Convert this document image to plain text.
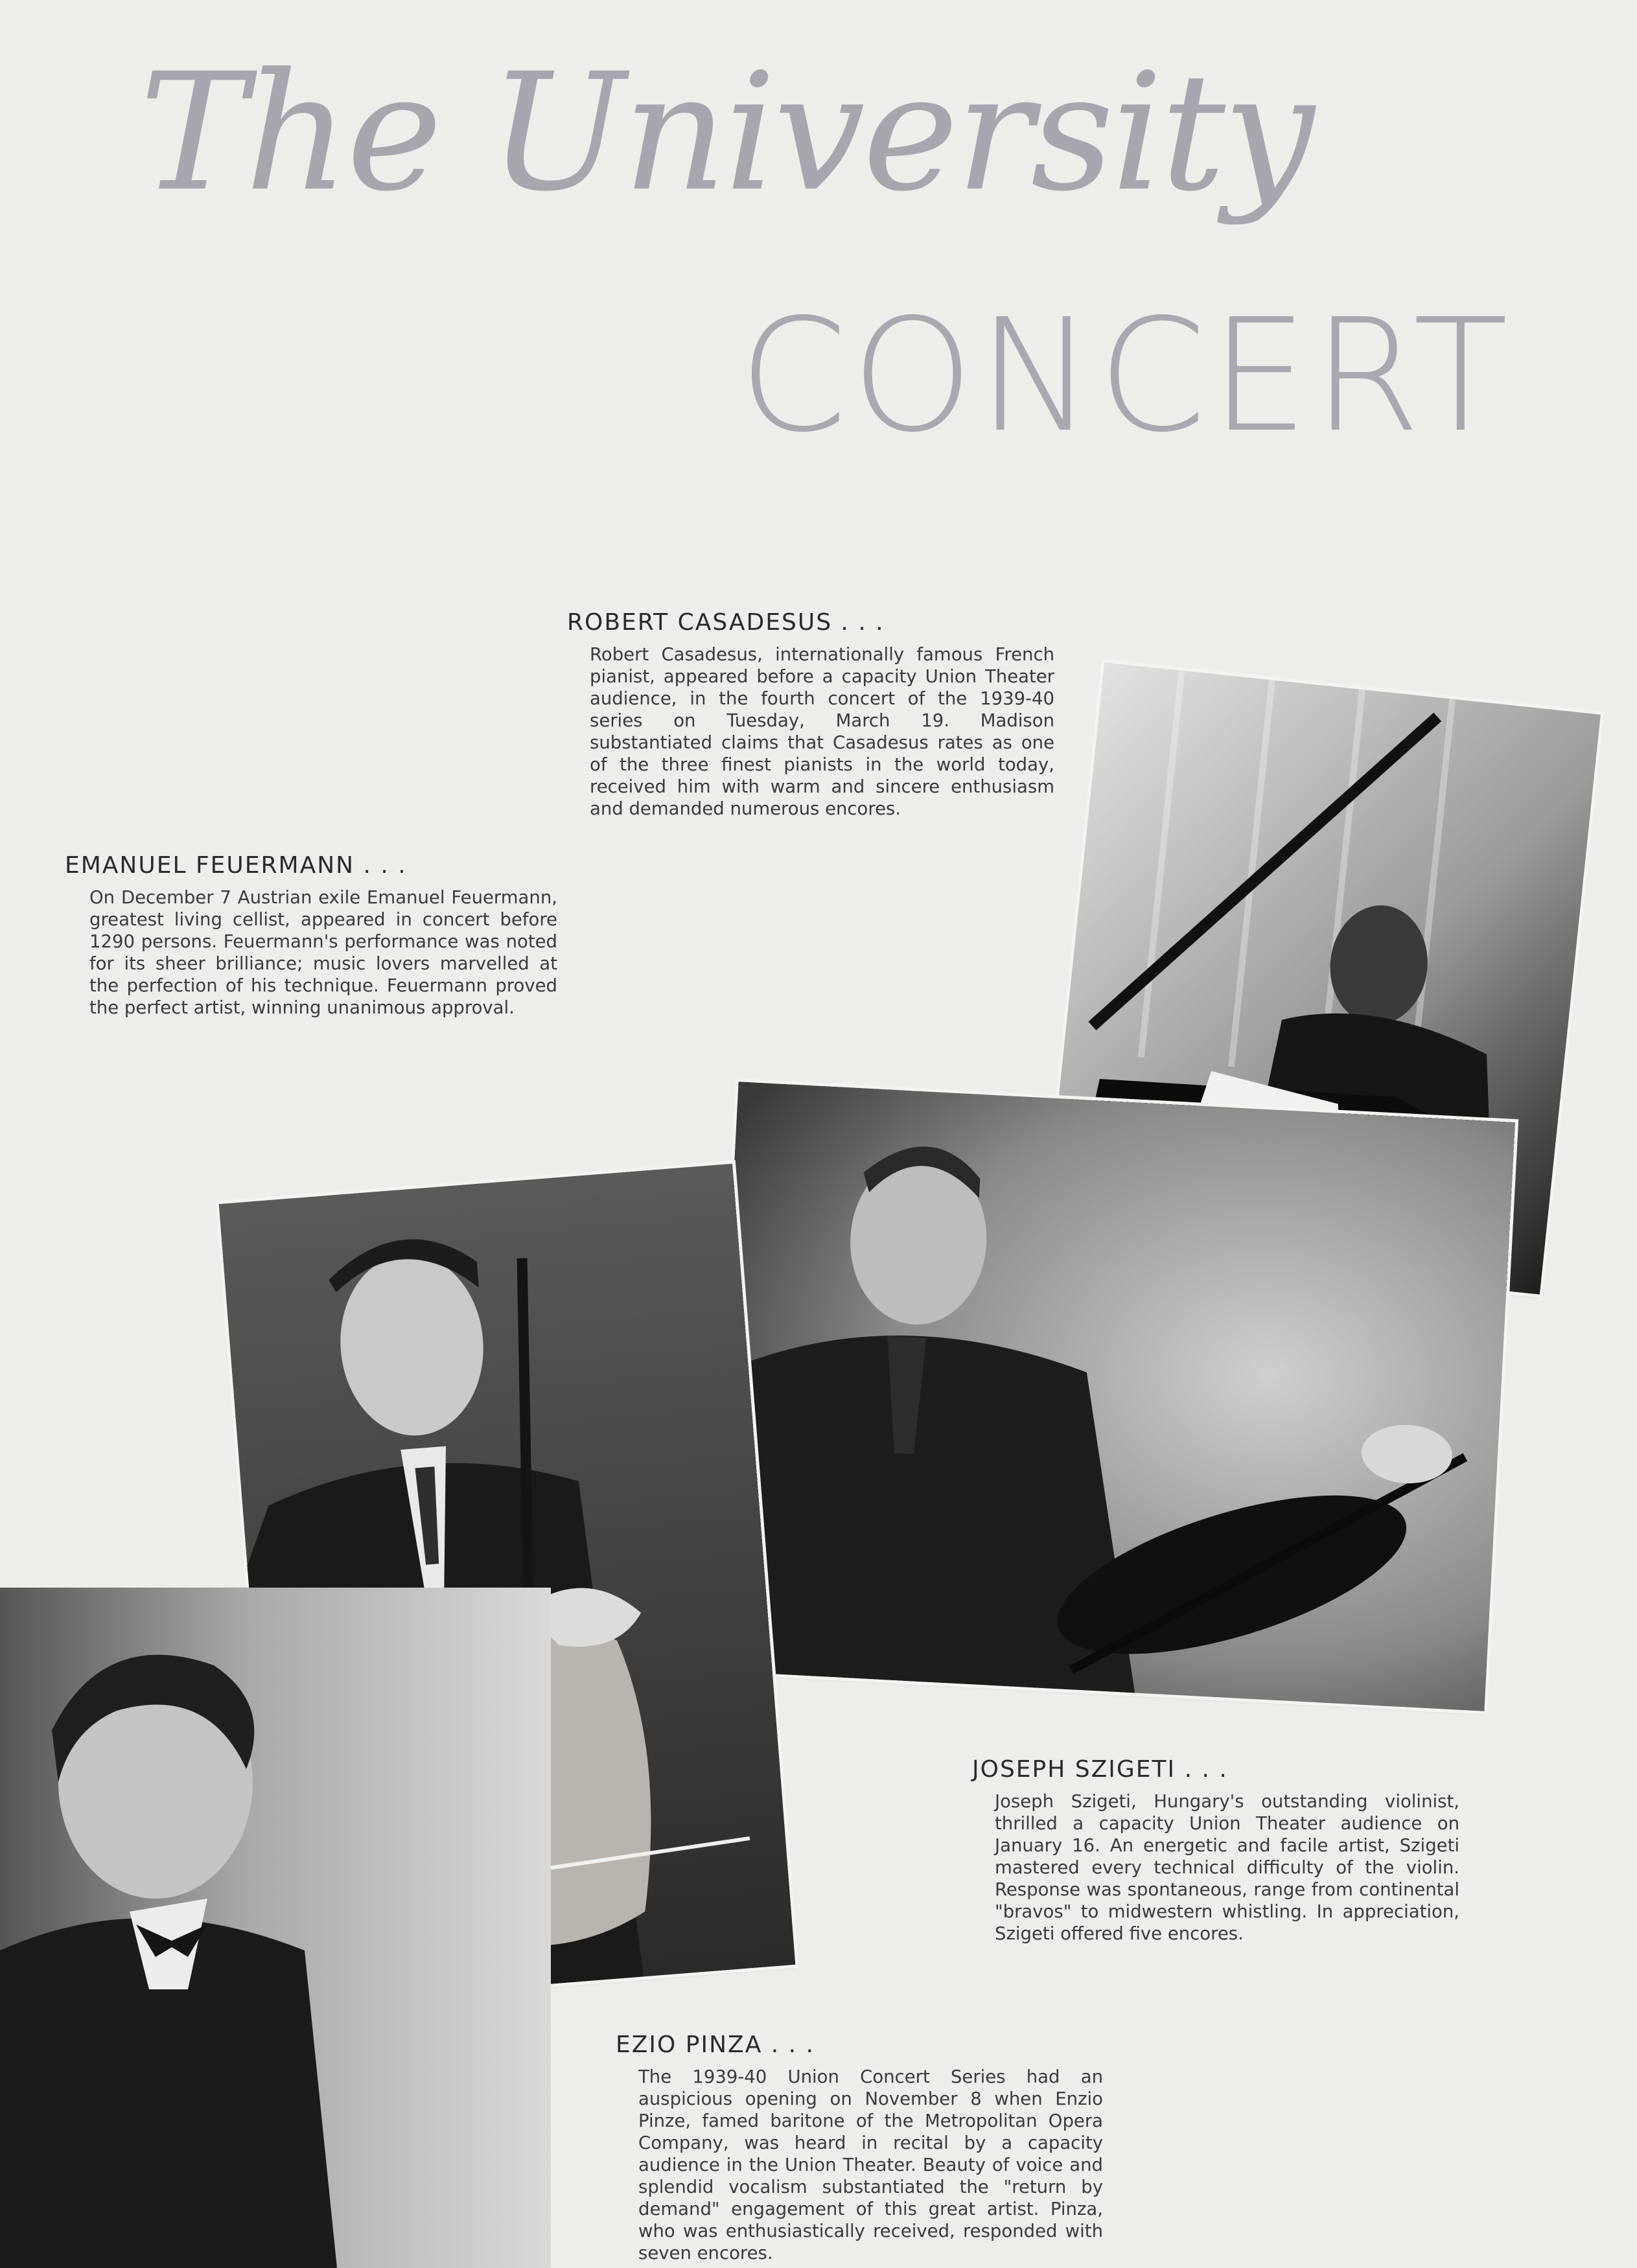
The University
CONCERT
ROBERT CASADESUS . . .
Robert Casadesus, internationally famous French pianist, appeared before a capacity Union Theater audience, in the fourth concert of the 1939-40 series on Tuesday, March 19. Madison substantiated claims that Casadesus rates as one of the three finest pianists in the world today, received him with warm and sincere enthusiasm and demanded numerous encores.
EMANUEL FEUERMANN . . .
On December 7 Austrian exile Emanuel Feuermann, greatest living cellist, appeared in concert before 1290 persons. Feuermann's performance was noted for its sheer brilliance; music lovers marvelled at the perfection of his technique. Feuermann proved the perfect artist, winning unanimous approval.
JOSEPH SZIGETI . . .
Joseph Szigeti, Hungary's outstanding violinist, thrilled a capacity Union Theater audience on January 16. An energetic and facile artist, Szigeti mastered every technical difficulty of the violin. Response was spontaneous, range from continental "bravos" to midwestern whistling. In appreciation, Szigeti offered five encores.
EZIO PINZA . . .
The 1939-40 Union Concert Series had an auspicious opening on November 8 when Enzio Pinze, famed baritone of the Metropolitan Opera Company, was heard in recital by a capacity audience in the Union Theater. Beauty of voice and splendid vocalism substantiated the "return by demand" engagement of this great artist. Pinza, who was enthusiastically received, responded with seven encores.
